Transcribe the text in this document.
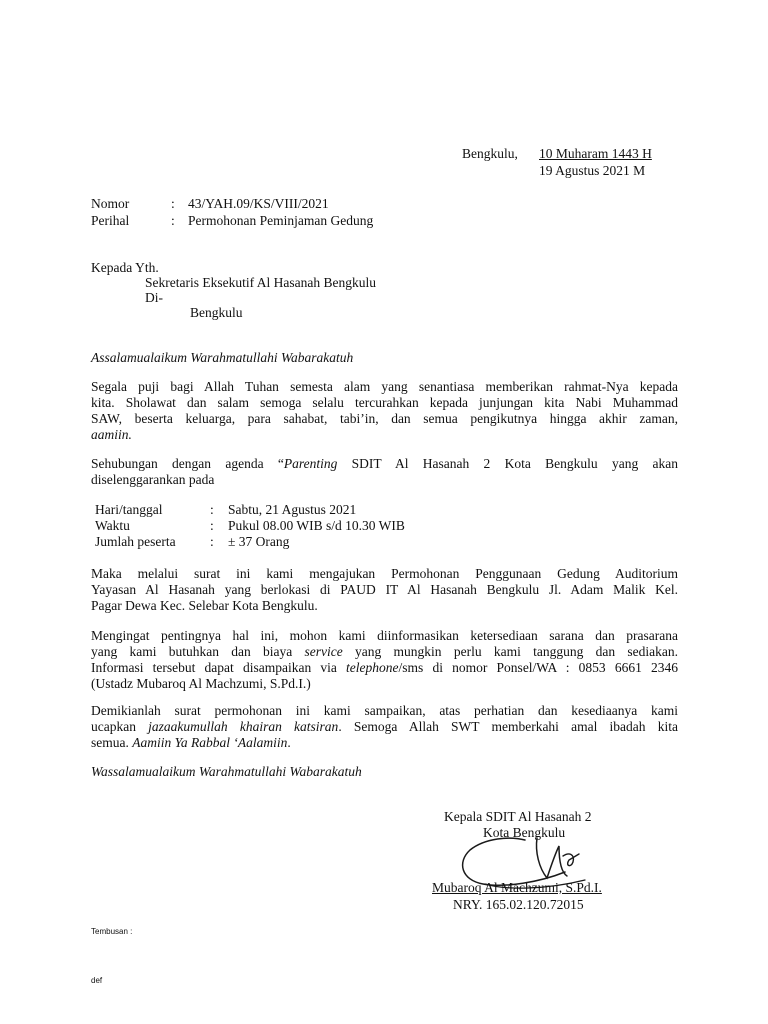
Bengkulu, 10 Muharam 1443 H
19 Agustus 2021 M
Nomor	: 43/YAH.09/KS/VIII/2021
Perihal	: Permohonan Peminjaman Gedung
Kepada Yth.
Sekretaris Eksekutif Al Hasanah Bengkulu
Di-
Bengkulu
Assalamualaikum Warahmatullahi Wabarakatuh
Segala puji bagi Allah Tuhan semesta alam yang senantiasa memberikan rahmat-Nya kepada
kita. Sholawat dan salam semoga selalu tercurahkan kepada junjungan kita Nabi Muhammad
SAW, beserta keluarga, para sahabat, tabi’in, dan semua pengikutnya hingga akhir zaman,
aamiin.
Sehubungan dengan agenda “Parenting SDIT Al Hasanah 2 Kota Bengkulu yang akan
diselenggarankan pada
Hari/tanggal	: Sabtu, 21 Agustus 2021
Waktu	: Pukul 08.00 WIB s/d 10.30 WIB
Jumlah peserta	: ± 37 Orang
Maka melalui surat ini kami mengajukan Permohonan Penggunaan Gedung Auditorium
Yayasan Al Hasanah yang berlokasi di PAUD IT Al Hasanah Bengkulu Jl. Adam Malik Kel.
Pagar Dewa Kec. Selebar Kota Bengkulu.
Mengingat pentingnya hal ini, mohon kami diinformasikan ketersediaan sarana dan prasarana
yang kami butuhkan dan biaya service yang mungkin perlu kami tanggung dan sediakan.
Informasi tersebut dapat disampaikan via telephone/sms di nomor Ponsel/WA : 0853 6661 2346
(Ustadz Mubaroq Al Machzumi, S.Pd.I.)
Demikianlah surat permohonan ini kami sampaikan, atas perhatian dan kesediaanya kami
ucapkan jazaakumullah khairan katsiran. Semoga Allah SWT memberkahi amal ibadah kita
semua. Aamiin Ya Rabbal ‘Aalamiin.
Wassalamualaikum Warahmatullahi Wabarakatuh
Kepala SDIT Al Hasanah 2
Kota Bengkulu
Mubaroq Al Machzumi, S.Pd.I.
NRY. 165.02.120.72015
Tembusan :
def
